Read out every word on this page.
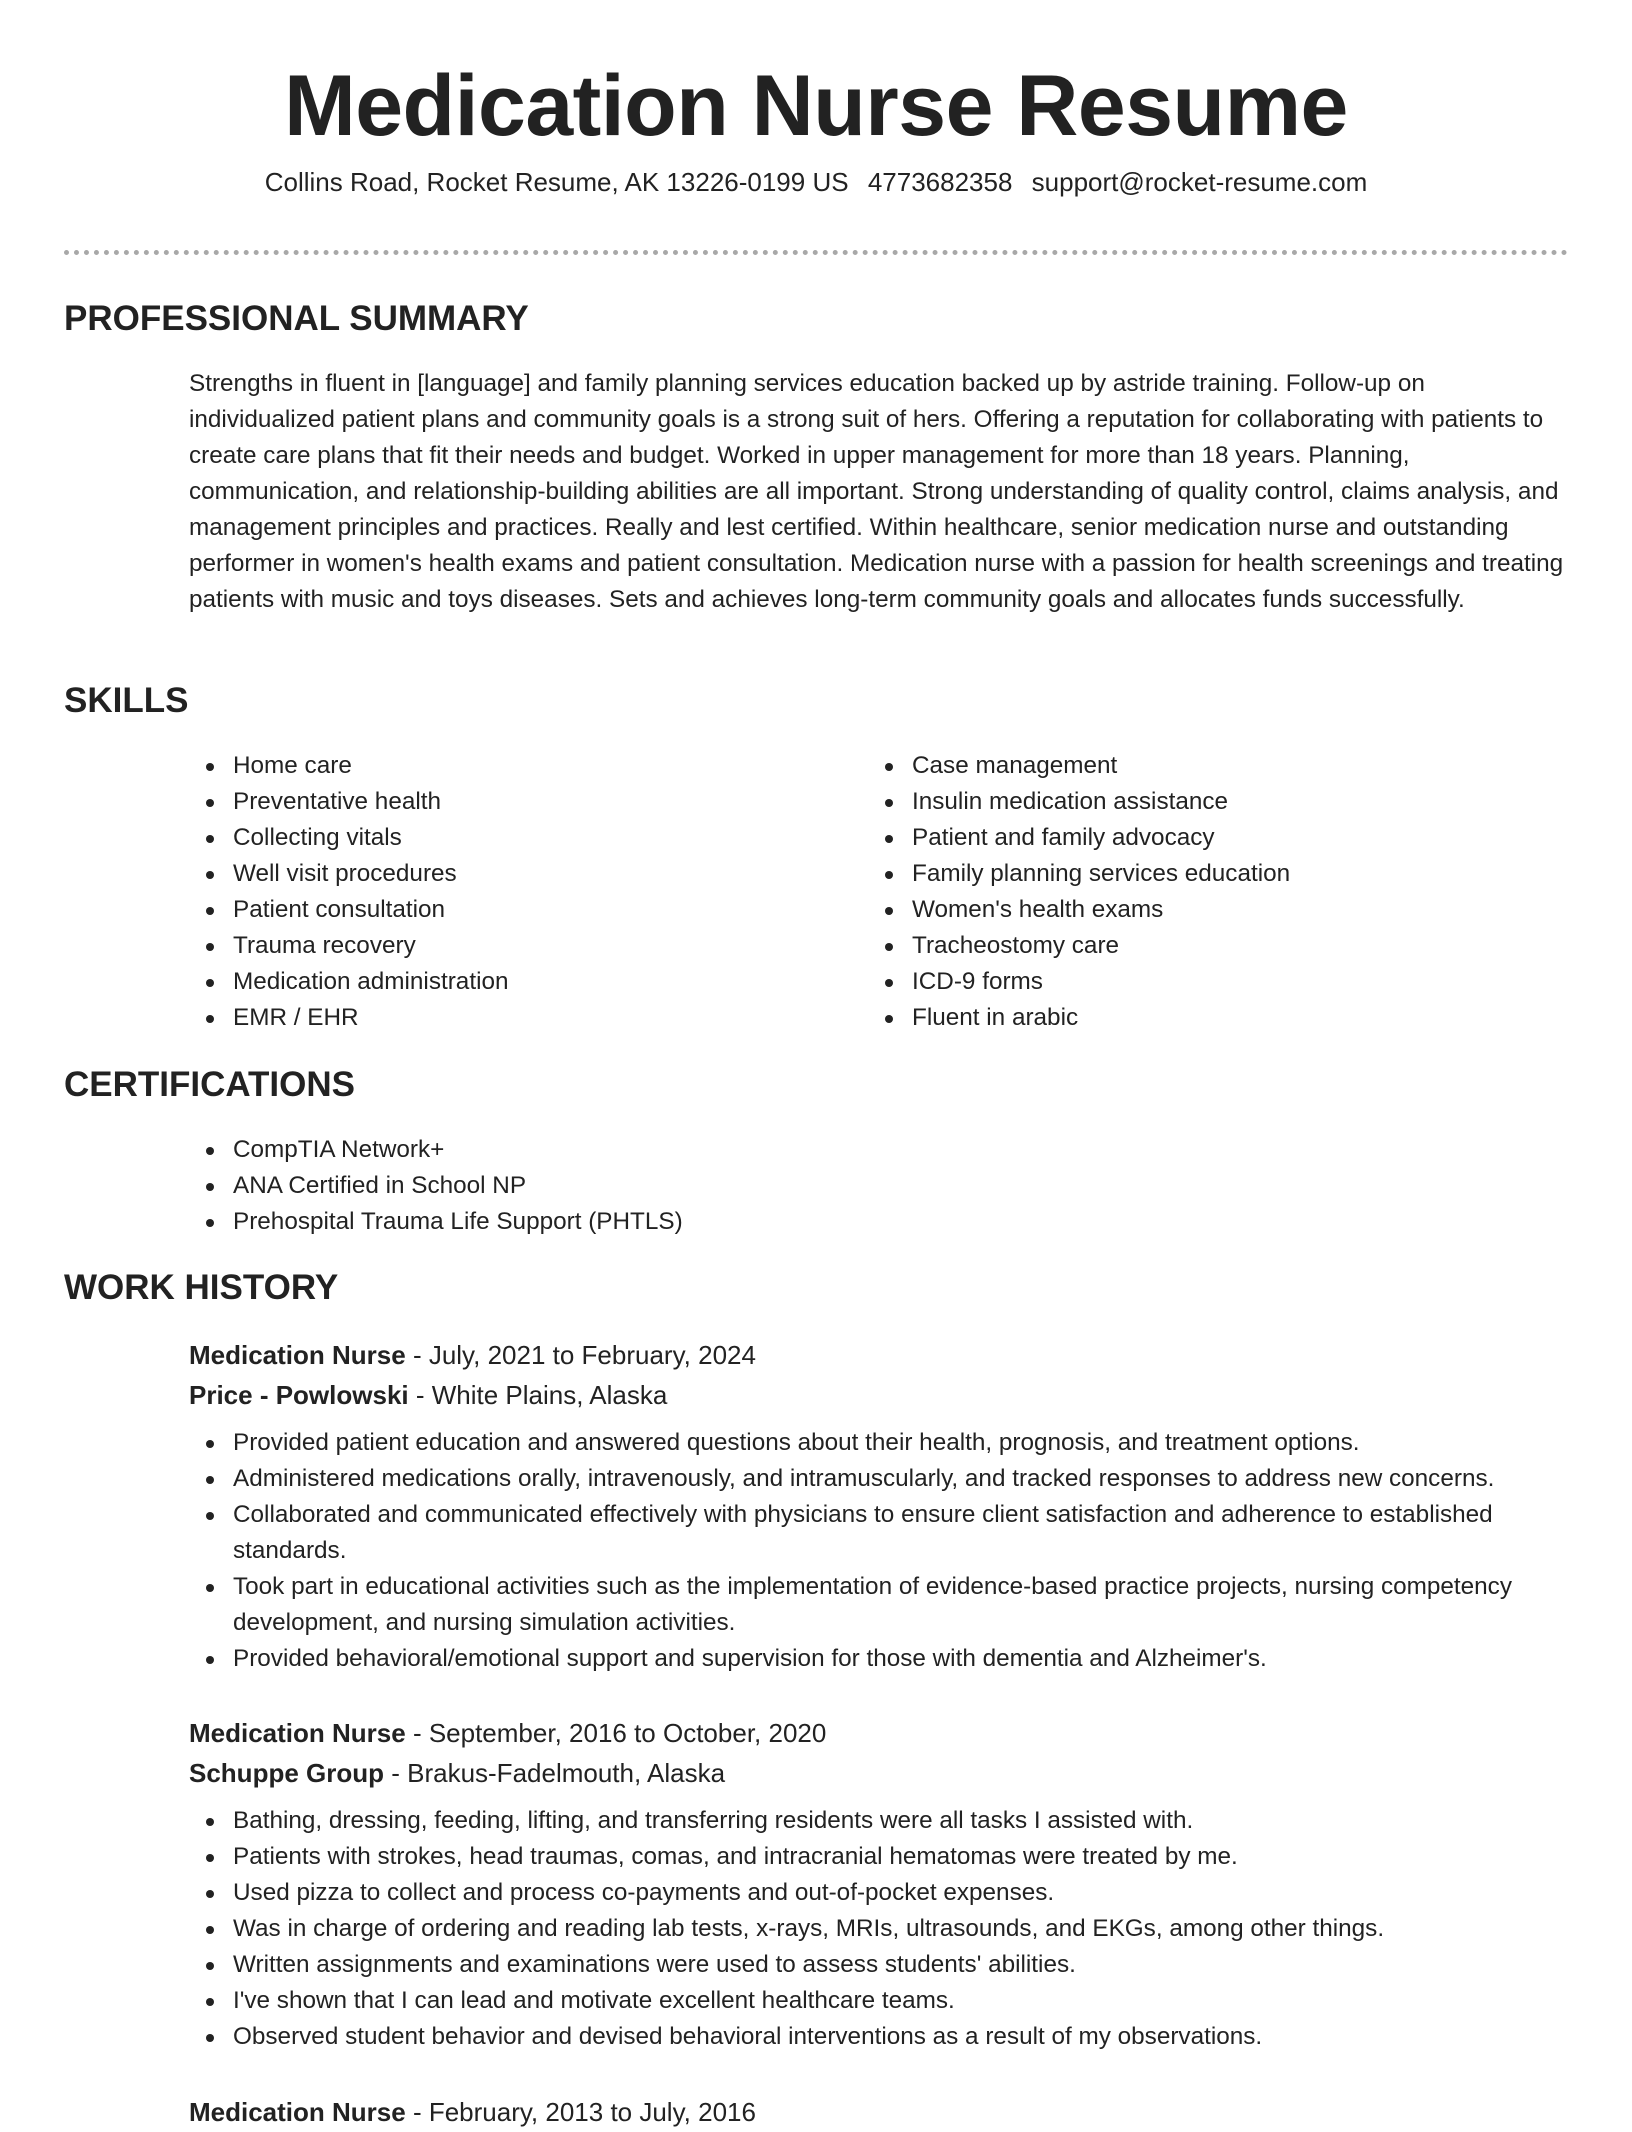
Medication Nurse Resume
Collins Road, Rocket Resume, AK 13226-0199 US 4773682358 support@rocket-resume.com
PROFESSIONAL SUMMARY

Strengths in fluent in [language] and family planning services education backed up by astride training. Follow-up on individualized patient plans and community goals is a strong suit of hers. Offering a reputation for collaborating with patients to create care plans that fit their needs and budget. Worked in upper management for more than 18 years. Planning, communication, and relationship-building abilities are all important. Strong understanding of quality control, claims analysis, and management principles and practices. Really and lest certified. Within healthcare, senior medication nurse and outstanding performer in women's health exams and patient consultation. Medication nurse with a passion for health screenings and treating patients with music and toys diseases. Sets and achieves long-term community goals and allocates funds successfully.

SKILLS
Home care
Preventative health
Collecting vitals
Well visit procedures
Patient consultation
Trauma recovery
Medication administration
EMR / EHR
Case management
Insulin medication assistance
Patient and family advocacy
Family planning services education
Women's health exams
Tracheostomy care
ICD-9 forms
Fluent in arabic
CERTIFICATIONS
CompTIA Network+
ANA Certified in School NP
Prehospital Trauma Life Support (PHTLS)
WORK HISTORY

Medication Nurse - July, 2021 to February, 2024

Price - Powlowski - White Plains, Alaska

Provided patient education and answered questions about their health, prognosis, and treatment options.
Administered medications orally, intravenously, and intramuscularly, and tracked responses to address new concerns.
Collaborated and communicated effectively with physicians to ensure client satisfaction and adherence to established standards.
Took part in educational activities such as the implementation of evidence-based practice projects, nursing competency development, and nursing simulation activities.
Provided behavioral/emotional support and supervision for those with dementia and Alzheimer's.

Medication Nurse - September, 2016 to October, 2020

Schuppe Group - Brakus-Fadelmouth, Alaska

Bathing, dressing, feeding, lifting, and transferring residents were all tasks I assisted with.
Patients with strokes, head traumas, comas, and intracranial hematomas were treated by me.
Used pizza to collect and process co-payments and out-of-pocket expenses.
Was in charge of ordering and reading lab tests, x-rays, MRIs, ultrasounds, and EKGs, among other things.
Written assignments and examinations were used to assess students' abilities.
I've shown that I can lead and motivate excellent healthcare teams.
Observed student behavior and devised behavioral interventions as a result of my observations.

Medication Nurse - February, 2013 to July, 2016
